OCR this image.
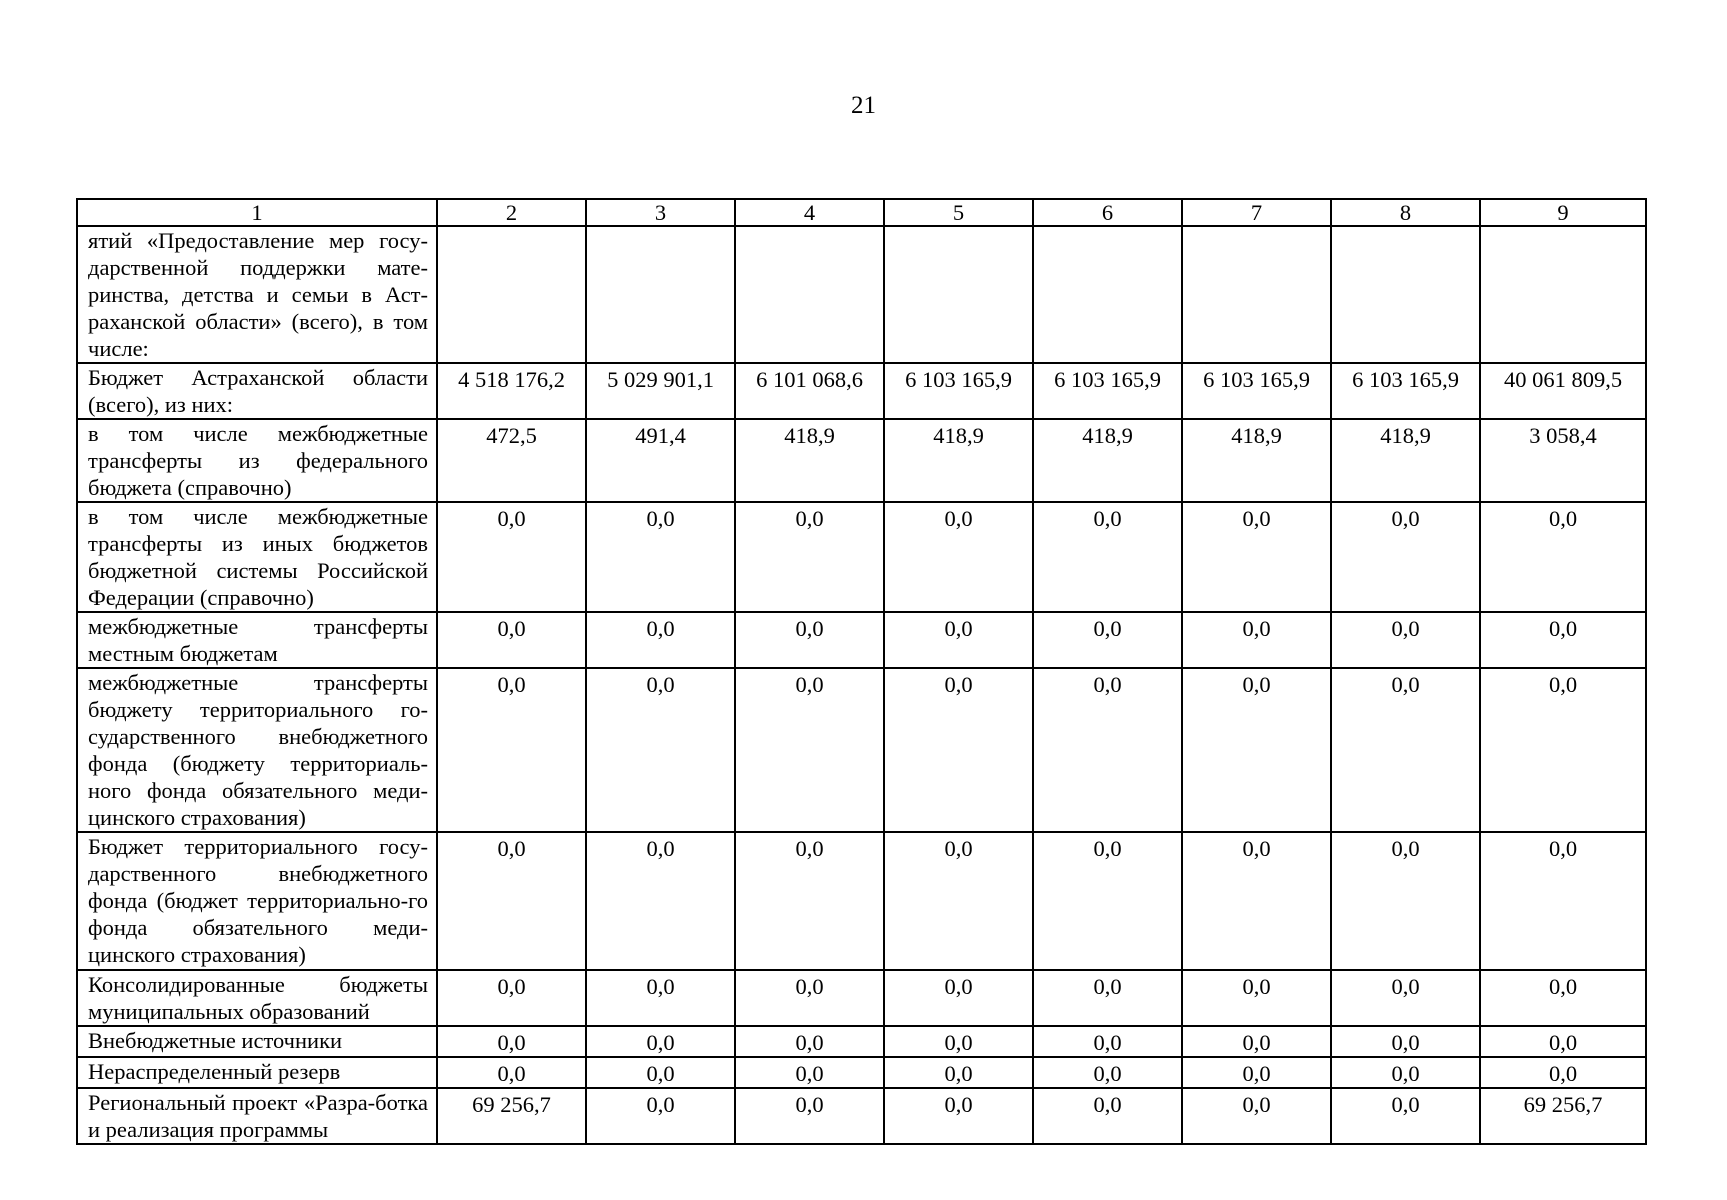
21
1	2	3	4	5	6	7	8	9
ятий «Предоставление мер госу-дарственной поддержки мате-ринства, детства и семьи в Аст-раханской области» (всего), в том числе:								
Бюджет Астраханской области (всего), из них:	4 518 176,2	5 029 901,1	6 101 068,6	6 103 165,9	6 103 165,9	6 103 165,9	6 103 165,9	40 061 809,5
в том числе межбюджетные трансферты из федерального бюджета (справочно)	472,5	491,4	418,9	418,9	418,9	418,9	418,9	3 058,4
в том числе межбюджетные трансферты из иных бюджетов бюджетной системы Российской Федерации (справочно)	0,0	0,0	0,0	0,0	0,0	0,0	0,0	0,0
межбюджетные трансферты местным бюджетам	0,0	0,0	0,0	0,0	0,0	0,0	0,0	0,0
межбюджетные трансферты бюджету территориального го-сударственного внебюджетного фонда (бюджету территориаль-ного фонда обязательного меди-цинского страхования)	0,0	0,0	0,0	0,0	0,0	0,0	0,0	0,0
Бюджет территориального госу-дарственного внебюджетного фонда (бюджет территориально-го фонда обязательного меди-цинского страхования)	0,0	0,0	0,0	0,0	0,0	0,0	0,0	0,0
Консолидированные бюджеты муниципальных образований	0,0	0,0	0,0	0,0	0,0	0,0	0,0	0,0
Внебюджетные источники	0,0	0,0	0,0	0,0	0,0	0,0	0,0	0,0
Нераспределенный резерв	0,0	0,0	0,0	0,0	0,0	0,0	0,0	0,0
Региональный проект «Разра-ботка и реализация программы	69 256,7	0,0	0,0	0,0	0,0	0,0	0,0	69 256,7
